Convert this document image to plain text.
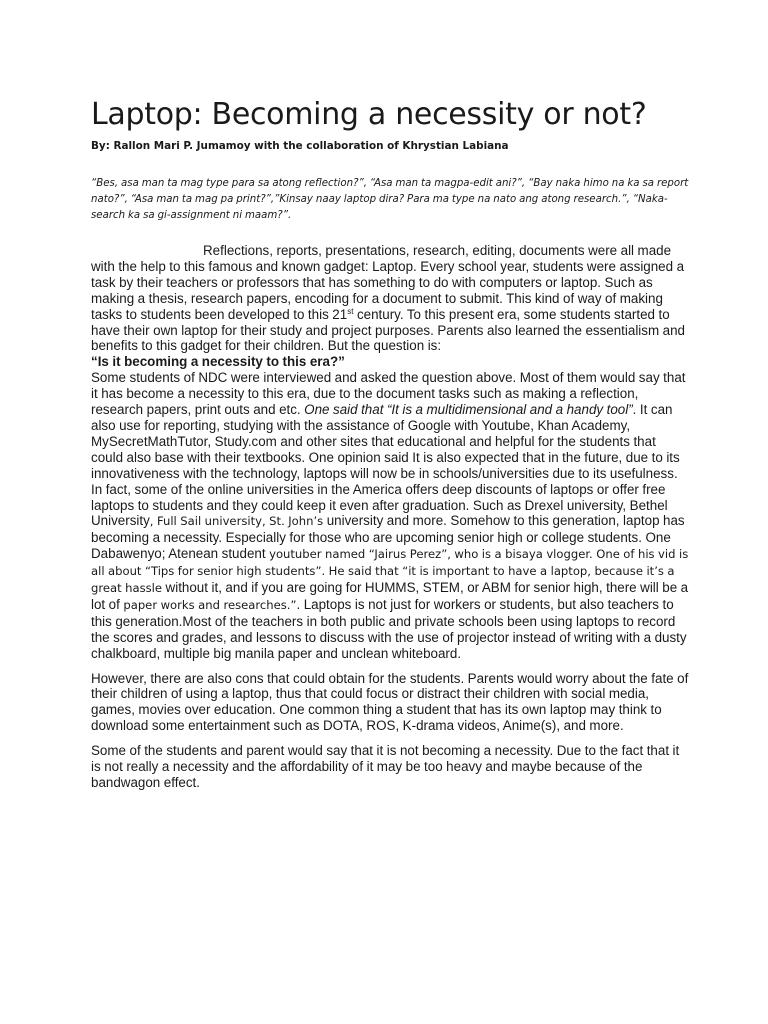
Laptop: Becoming a necessity or not?
By: Rallon Mari P. Jumamoy with the collaboration of Khrystian Labiana

“Bes, asa man ta mag type para sa atong reflection?”, “Asa man ta magpa-edit ani?”, “Bay naka himo na ka sa report nato?”, “Asa man ta mag pa print?”,”Kinsay naay laptop dira? Para ma type na nato ang atong research.”, “Naka-search ka sa gi-assignment ni maam?”.

Reflections, reports, presentations, research, editing, documents were all made with the help to this famous and known gadget: Laptop. Every school year, students were assigned a task by their teachers or professors that has something to do with computers or laptop. Such as making a thesis, research papers, encoding for a document to submit. This kind of way of making tasks to students been developed to this 21st century. To this present era, some students started to have their own laptop for their study and project purposes. Parents also learned the essentialism and benefits to this gadget for their children. But the question is:

“Is it becoming a necessity to this era?”

Some students of NDC were interviewed and asked the question above. Most of them would say that it has become a necessity to this era, due to the document tasks such as making a reflection, research papers, print outs and etc. One said that “It is a multidimensional and a handy tool”. It can also use for reporting, studying with the assistance of Google with Youtube, Khan Academy, MySecretMathTutor, Study.com and other sites that educational and helpful for the students that could also base with their textbooks. One opinion said It is also expected that in the future, due to its innovativeness with the technology, laptops will now be in schools/universities due to its usefulness. In fact, some of the online universities in the America offers deep discounts of laptops or offer free laptops to students and they could keep it even after graduation. Such as Drexel university, Bethel University, Full Sail university, St. John’s university and more. Somehow to this generation, laptop has becoming a necessity. Especially for those who are upcoming senior high or college students. One Dabawenyo; Atenean student youtuber named “Jairus Perez”, who is a bisaya vlogger. One of his vid is all about “Tips for senior high students”. He said that “it is important to have a laptop, because it’s a great hassle without it, and if you are going for HUMMS, STEM, or ABM for senior high, there will be a lot of paper works and researches.”. Laptops is not just for workers or students, but also teachers to this generation.Most of the teachers in both public and private schools been using laptops to record the scores and grades, and lessons to discuss with the use of projector instead of writing with a dusty chalkboard, multiple big manila paper and unclean whiteboard.

However, there are also cons that could obtain for the students. Parents would worry about the fate of their children of using a laptop, thus that could focus or distract their children with social media, games, movies over education. One common thing a student that has its own laptop may think to download some entertainment such as DOTA, ROS, K-drama videos, Anime(s), and more.

Some of the students and parent would say that it is not becoming a necessity. Due to the fact that it is not really a necessity and the affordability of it may be too heavy and maybe because of the bandwagon effect.
